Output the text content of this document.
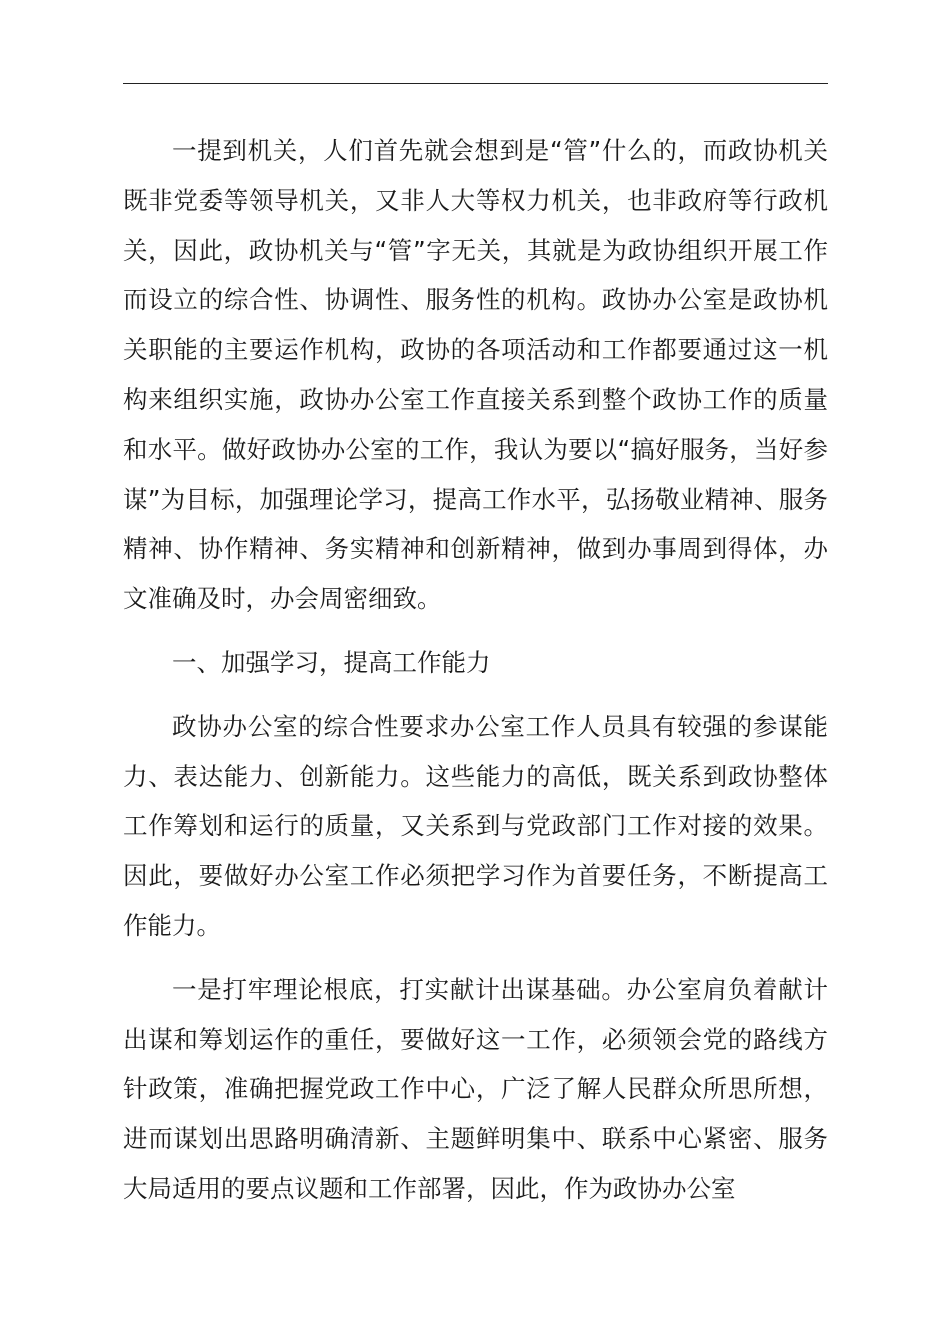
一提到机关，人们首先就会想到是“管”什么的，而政协机关既非党委等领导机关，又非人大等权力机关，也非政府等行政机关，因此，政协机关与“管”字无关，其就是为政协组织开展工作而设立的综合性、协调性、服务性的机构。政协办公室是政协机关职能的主要运作机构，政协的各项活动和工作都要通过这一机构来组织实施，政协办公室工作直接关系到整个政协工作的质量和水平。做好政协办公室的工作，我认为要以“搞好服务，当好参谋”为目标，加强理论学习，提高工作水平，弘扬敬业精神、服务精神、协作精神、务实精神和创新精神，做到办事周到得体，办文准确及时，办会周密细致。

一、加强学习，提高工作能力

政协办公室的综合性要求办公室工作人员具有较强的参谋能力、表达能力、创新能力。这些能力的高低，既关系到政协整体工作筹划和运行的质量，又关系到与党政部门工作对接的效果。因此，要做好办公室工作必须把学习作为首要任务，不断提高工作能力。

一是打牢理论根底，打实献计出谋基础。办公室肩负着献计出谋和筹划运作的重任，要做好这一工作，必须领会党的路线方针政策，准确把握党政工作中心，广泛了解人民群众所思所想，进而谋划出思路明确清新、主题鲜明集中、联系中心紧密、服务大局适用的要点议题和工作部署，因此，作为政协办公室
